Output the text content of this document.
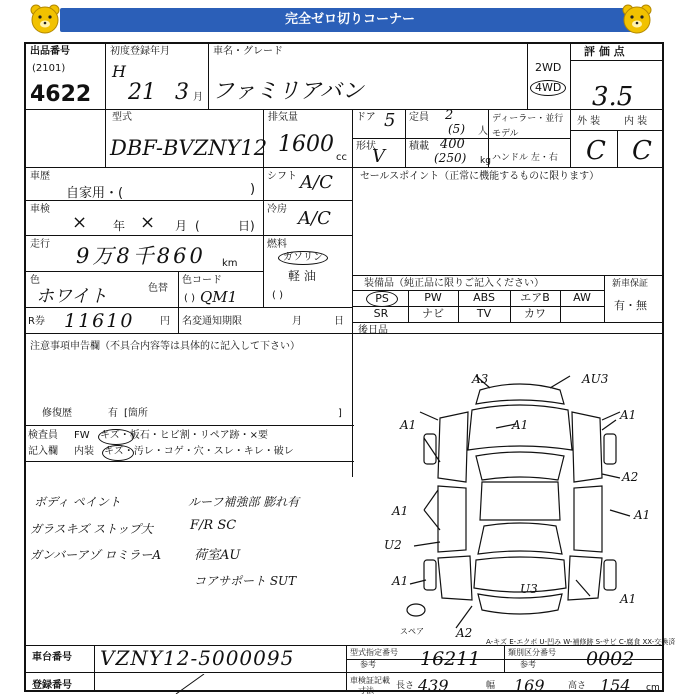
完全ゼロ切りコーナー
出品番号
(2101)
4622
初度登録年月
H
21 3 月
車名・グレード
ファミリアバン
2WD
4WD
評 価 点
3.5
外 装 内 装
C C
型式
DBF-BVZNY12
排気量
1600
cc
ドア 5
形状
V
定員 2
(5) 人
積載 400
(250) kg
ディーラー・並行
モデル
ハンドル 左・右
車歴
自家用・(	)
シフト A/C	セールスポイント（正常に機能するものに限ります）
車検
× 年 × 月 (	日)
冷房 A/C
走行 9万8千860 km
燃料
ガソリン
軽 油
( )
色
ホワイト	色替
色コード
QM1
( )
装備品（純正品に限りご記入ください）	新車保証
有・無
PS	PW	ABS	エアB	AW
SR	ナビ	TV	カワ
R券 11610	円 名変通知期限	月	日
後日品
注意事項申告欄（不具合内容等は具体的に記入して下さい）
修復歴	有 [箇所	]
検査員
記入欄
FW キズ・板石・ヒビ割・リペア跡・×要
内装 キズ・汚レ・コゲ・穴・スレ・キレ・破レ
ボディ ペイント	ルーフ補強部 膨れ有
ガラスキズ ストップ大	F/R SC
ガンバーアゾ ロミラーA	荷室AU
コアサポート SUT
A3	AU3
A1	A1
A1
A2
A1	A1
U2
A1
U3
A1
A2
スペア
A-キズ E-エクボ U-凹み W-補修跡 S-サビ C-腐食 XX-交換済
車台番号 VZNY12-5000095	型式指定番号
参考 16211	類別区分番号
参考	0002
登録番号	車検証記載
寸法 長さ 439	幅 169	高さ 154 cm
